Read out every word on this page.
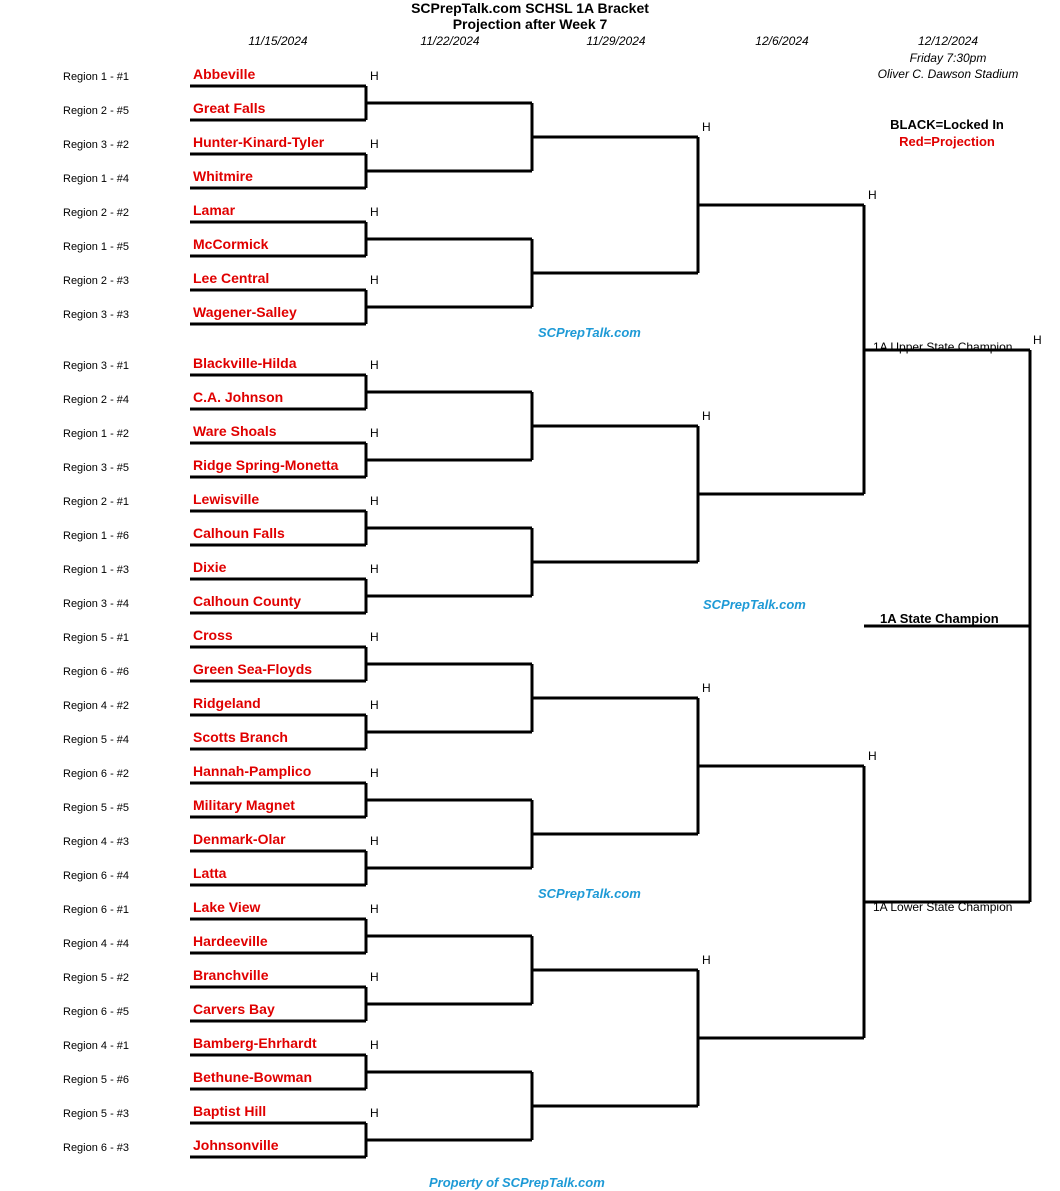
SCPrepTalk.com SCHSL 1A Bracket
Projection after Week 7
11/15/2024	11/22/2024	11/29/2024	12/6/2024	12/12/2024
Friday 7:30pm
Oliver C. Dawson Stadium
BLACK=Locked In
Red=Projection
Region 1 - #1	Abbeville
Region 2 - #5	Great Falls
Region 3 - #2	Hunter-Kinard-Tyler
Region 1 - #4	Whitmire
Region 2 - #2	Lamar
Region 1 - #5	McCormick
Region 2 - #3	Lee Central
Region 3 - #3	Wagener-Salley
Region 3 - #1	Blackville-Hilda
Region 2 - #4	C.A. Johnson
Region 1 - #2	Ware Shoals
Region 3 - #5	Ridge Spring-Monetta
Region 2 - #1	Lewisville
Region 1 - #6	Calhoun Falls
Region 1 - #3	Dixie
Region 3 - #4	Calhoun County
Region 5 - #1	Cross
Region 6 - #6	Green Sea-Floyds
Region 4 - #2	Ridgeland
Region 5 - #4	Scotts Branch
Region 6 - #2	Hannah-Pamplico
Region 5 - #5	Military Magnet
Region 4 - #3	Denmark-Olar
Region 6 - #4	Latta
Region 6 - #1	Lake View
Region 4 - #4	Hardeeville
Region 5 - #2	Branchville
Region 6 - #5	Carvers Bay
Region 4 - #1	Bamberg-Ehrhardt
Region 5 - #6	Bethune-Bowman
Region 5 - #3	Baptist Hill
Region 6 - #3	Johnsonville
1A Upper State Champion
1A Lower State Champion
1A State Champion
SCPrepTalk.com
SCPrepTalk.com
SCPrepTalk.com
Property of SCPrepTalk.com
H
H
H
H
H
H
H
H
H
H
H
H
H
H
H
H
H
H
H
H
H
H
H
